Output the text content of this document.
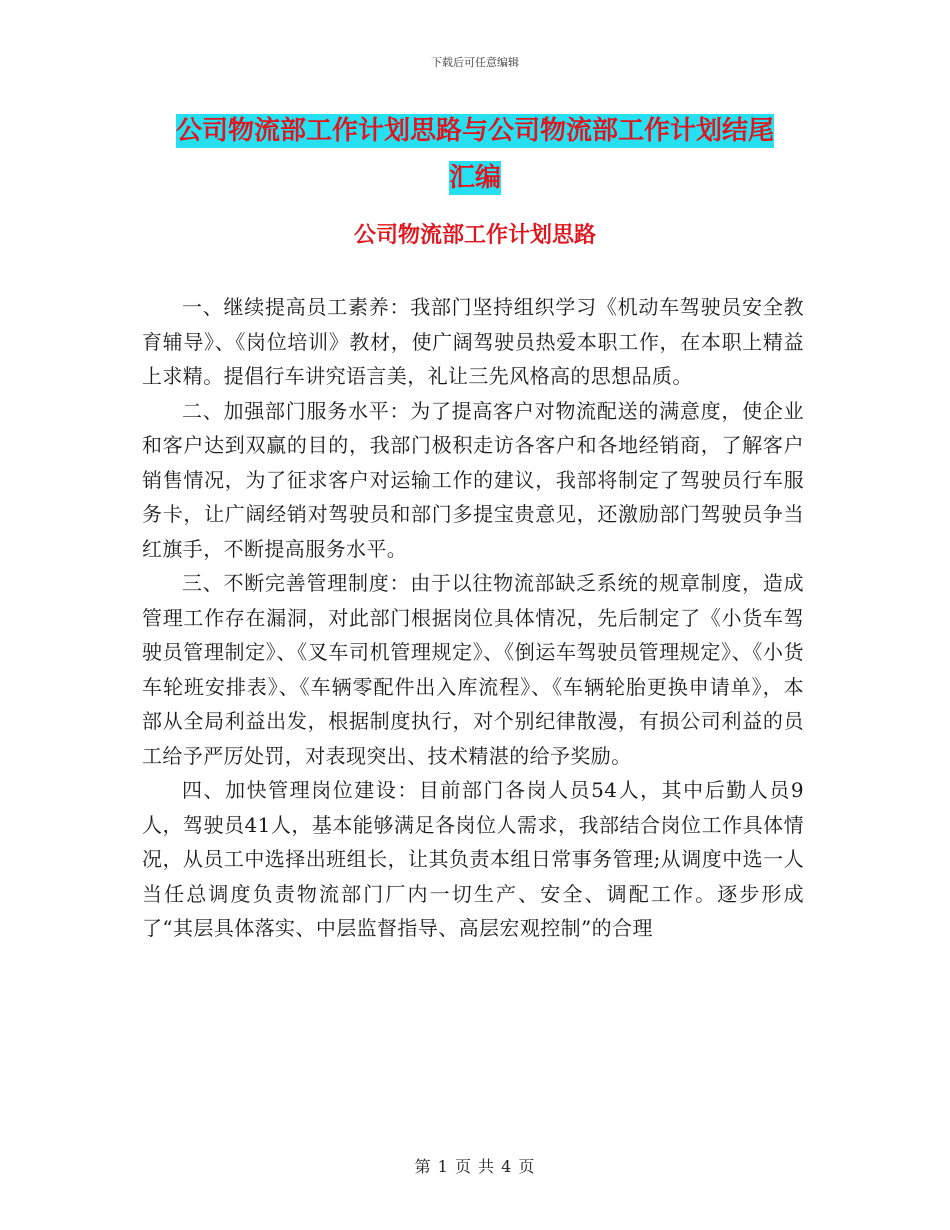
下载后可任意编辑
公司物流部工作计划思路与公司物流部工作计划结尾
汇编
公司物流部工作计划思路

一、继续提高员工素养：我部门坚持组织学习《机动车驾驶员安全教育辅导》、《岗位培训》教材，使广阔驾驶员热爱本职工作，在本职上精益上求精。提倡行车讲究语言美，礼让三先风格高的思想品质。

二、加强部门服务水平：为了提高客户对物流配送的满意度，使企业和客户达到双赢的目的，我部门极积走访各客户和各地经销商，了解客户销售情况，为了征求客户对运输工作的建议，我部将制定了驾驶员行车服务卡，让广阔经销对驾驶员和部门多提宝贵意见，还激励部门驾驶员争当红旗手，不断提高服务水平。

三、不断完善管理制度：由于以往物流部缺乏系统的规章制度，造成管理工作存在漏洞，对此部门根据岗位具体情况，先后制定了《小货车驾驶员管理制定》、《叉车司机管理规定》、《倒运车驾驶员管理规定》、《小货车轮班安排表》、《车辆零配件出入库流程》、《车辆轮胎更换申请单》，本部从全局利益出发，根据制度执行，对个别纪律散漫，有损公司利益的员工给予严厉处罚，对表现突出、技术精湛的给予奖励。

四、加快管理岗位建设：目前部门各岗人员54人，其中后勤人员9人，驾驶员41人，基本能够满足各岗位人需求，我部结合岗位工作具体情况，从员工中选择出班组长，让其负责本组日常事务管理;从调度中选一人当任总调度负责物流部门厂内一切生产、安全、调配工作。逐步形成了“其层具体落实、中层监督指导、高层宏观控制”的合理

第 1 页 共 4 页
